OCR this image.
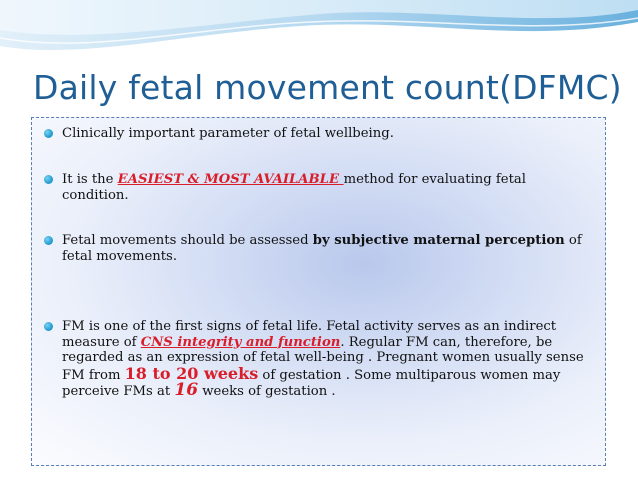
Daily fetal movement count(DFMC)
Clinically important parameter of fetal wellbeing.
It is the EASIEST & MOST AVAILABLE method for evaluating fetal condition.
Fetal movements should be assessed by subjective maternal perception of fetal movements.
FM is one of the first signs of fetal life. Fetal activity serves as an indirect measure of CNS integrity and function. Regular FM can, therefore, be regarded as an expression of fetal well-being . Pregnant women usually sense FM from 18 to 20 weeks of gestation . Some multiparous women may perceive FMs at 16 weeks of gestation .
